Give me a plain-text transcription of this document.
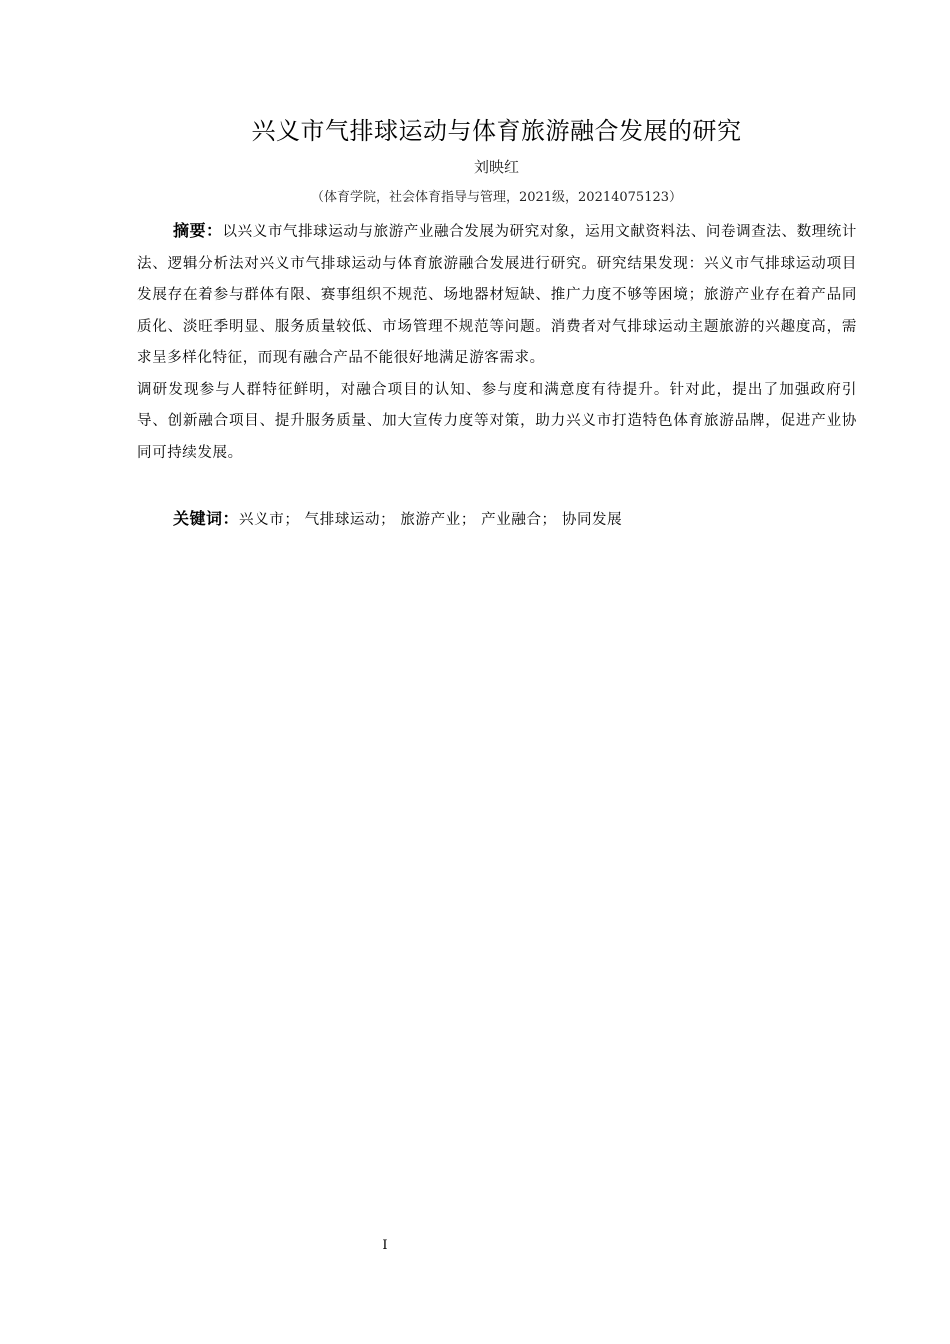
兴义市气排球运动与体育旅游融合发展的研究
刘映红
（体育学院，社会体育指导与管理，2021级，20214075123）

摘要：以兴义市气排球运动与旅游产业融合发展为研究对象，运用文献资料法、问卷调查法、数理统计法、逻辑分析法对兴义市气排球运动与体育旅游融合发展进行研究。研究结果发现：兴义市气排球运动项目发展存在着参与群体有限、赛事组织不规范、场地器材短缺、推广力度不够等困境；旅游产业存在着产品同质化、淡旺季明显、服务质量较低、市场管理不规范等问题。消费者对气排球运动主题旅游的兴趣度高，需求呈多样化特征，而现有融合产品不能很好地满足游客需求。

调研发现参与人群特征鲜明，对融合项目的认知、参与度和满意度有待提升。针对此，提出了加强政府引导、创新融合项目、提升服务质量、加大宣传力度等对策，助力兴义市打造特色体育旅游品牌，促进产业协同可持续发展。

关键词：兴义市； 气排球运动； 旅游产业； 产业融合； 协同发展

I
